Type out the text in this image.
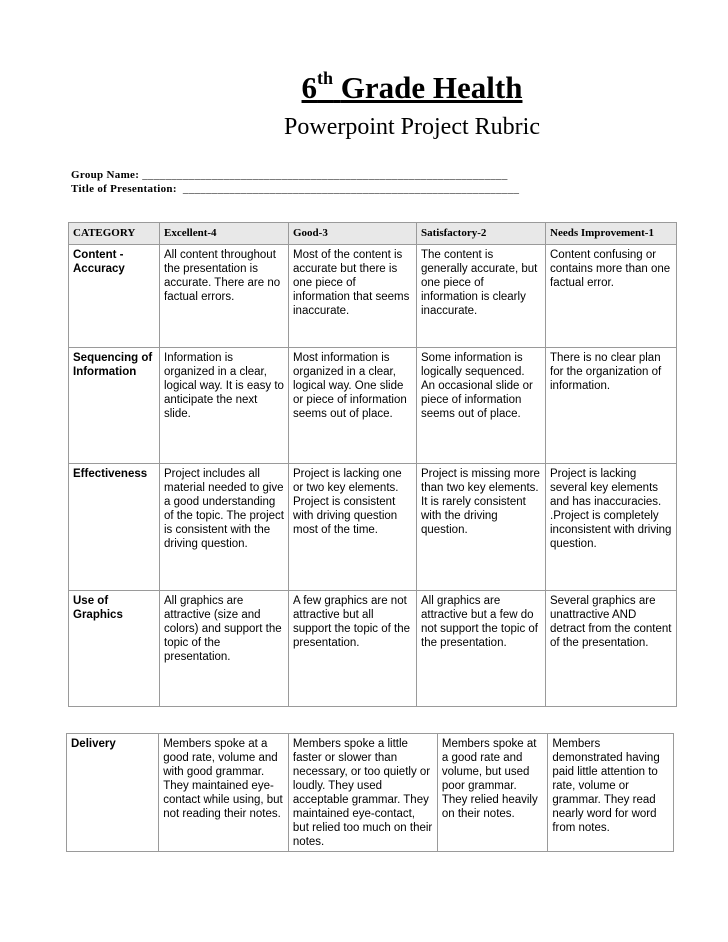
6th Grade Health
Powerpoint Project Rubric
Group Name: _______________________________________________________________
Title of Presentation: __________________________________________________________
CATEGORY	Excellent-4	Good-3	Satisfactory-2	Needs Improvement-1
Content - Accuracy	All content throughout the presentation is accurate. There are no factual errors.	Most of the content is accurate but there is one piece of information that seems inaccurate.	The content is generally accurate, but one piece of information is clearly inaccurate.	Content confusing or contains more than one factual error.
Sequencing of Information	Information is organized in a clear, logical way. It is easy to anticipate the next slide.	Most information is organized in a clear, logical way. One slide or piece of information seems out of place.	Some information is logically sequenced. An occasional slide or piece of information seems out of place.	There is no clear plan for the organization of information.
Effectiveness	Project includes all material needed to give a good understanding of the topic. The project is consistent with the driving question.	Project is lacking one or two key elements. Project is consistent with driving question most of the time.	Project is missing more than two key elements. It is rarely consistent with the driving question.	Project is lacking several key elements and has inaccuracies. .Project is completely inconsistent with driving question.
Use of Graphics	All graphics are attractive (size and colors) and support the topic of the presentation.	A few graphics are not attractive but all support the topic of the presentation.	All graphics are attractive but a few do not support the topic of the presentation.	Several graphics are unattractive AND detract from the content of the presentation.
Delivery	Members spoke at a good rate, volume and with good grammar. They maintained eye-contact while using, but not reading their notes.	Members spoke a little faster or slower than necessary, or too quietly or loudly. They used acceptable grammar. They maintained eye-contact, but relied too much on their notes.	Members spoke at a good rate and volume, but used poor grammar. They relied heavily on their notes.	Members demonstrated having paid little attention to rate, volume or grammar. They read nearly word for word from notes.
